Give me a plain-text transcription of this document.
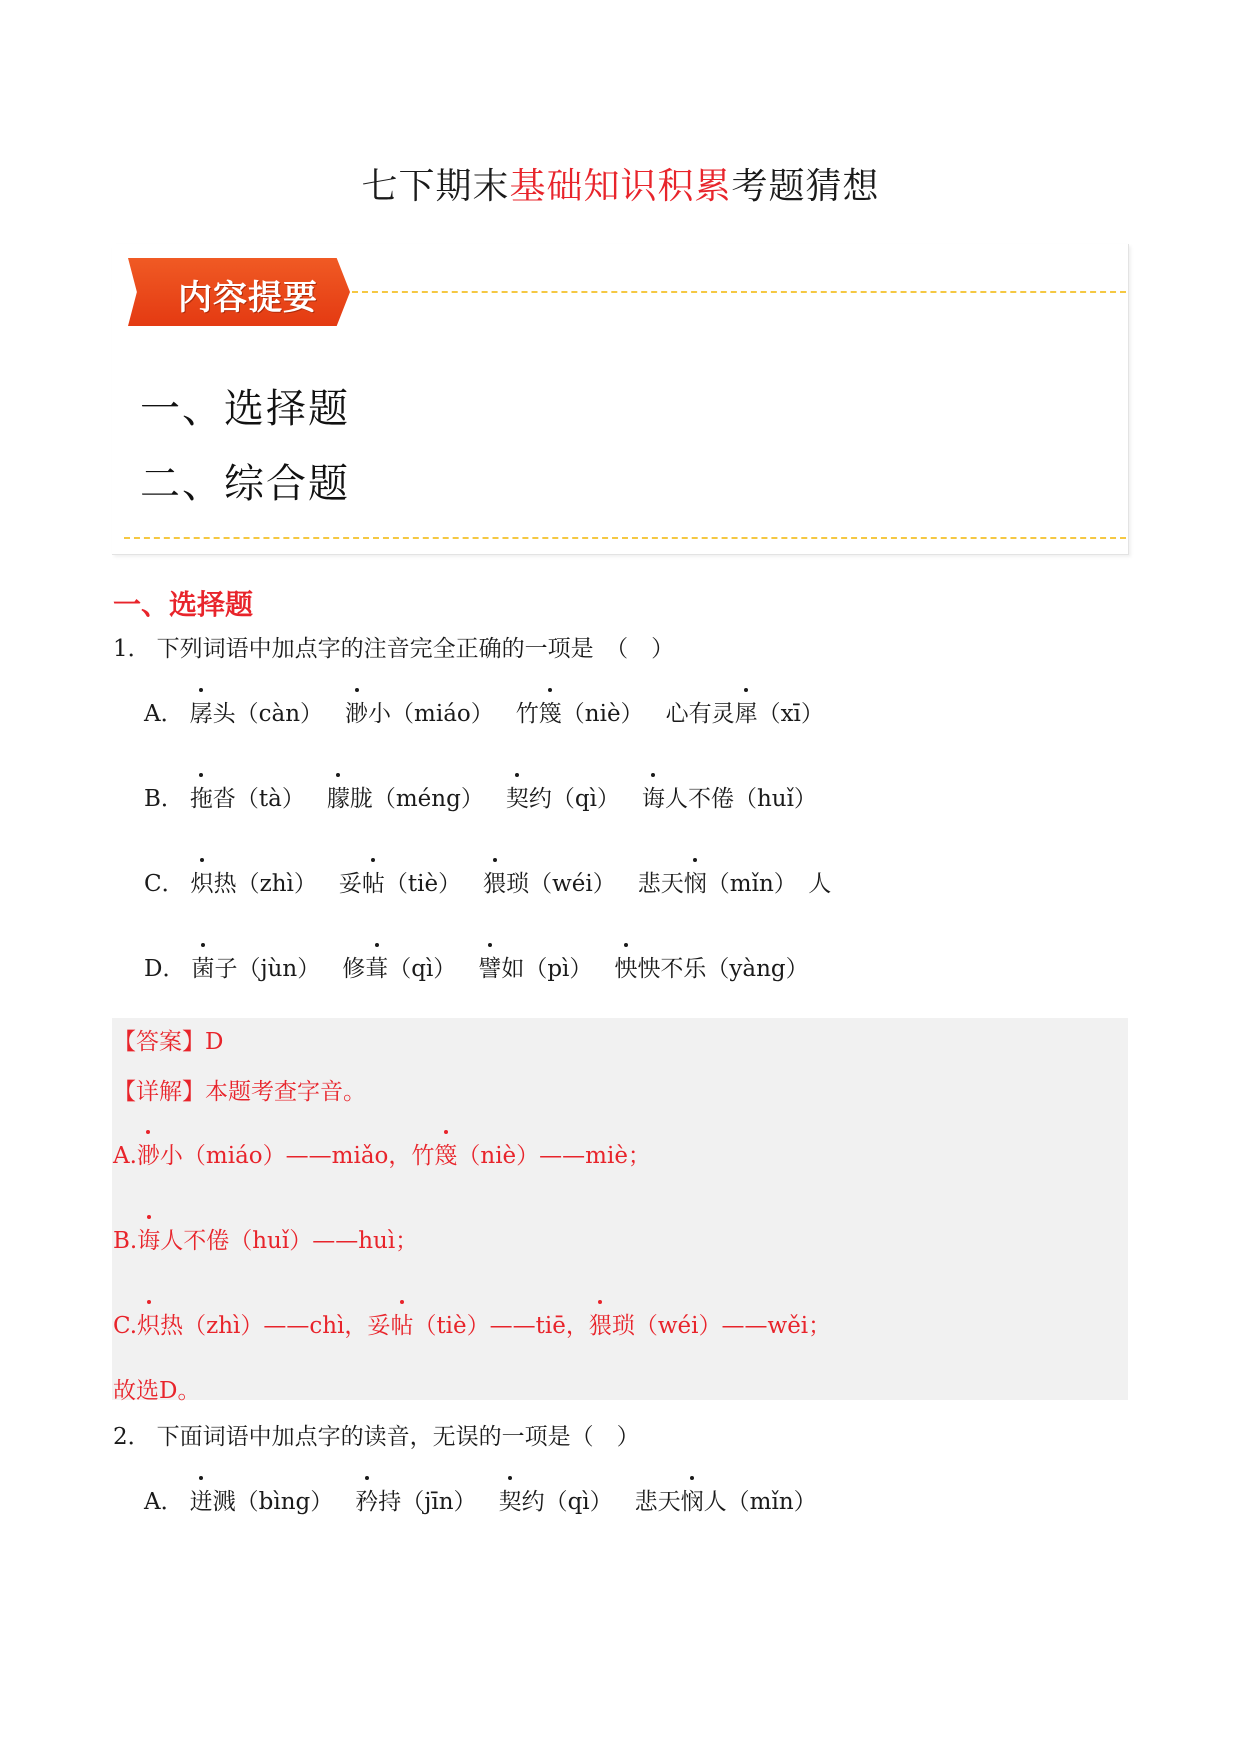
七下期末基础知识积累考题猜想
内容提要
一、选择题
二、综合题
一、选择题
1． 下列词语中加点字的注音完全正确的一项是　（　）
A． 孱头（càn） 渺小（miáo） 竹篾（niè） 心有灵犀（xī）
B． 拖沓（tà） 朦胧（méng） 契约（qì） 诲人不倦（huǐ）
C． 炽热（zhì） 妥帖（tiè） 猥琐（wéi） 悲天悯（mǐn）　人
D． 菌子（jùn） 修葺（qì） 譬如（pì） 怏怏不乐（yàng）
【答案】D
【详解】本题考查字音。
A.渺小（miáo）——miǎo，竹篾（niè）——miè；
B.诲人不倦（huǐ）——huì；
C.炽热（zhì）——chì，妥帖（tiè）——tiē，猥琐（wéi）——wěi；
故选D。
2． 下面词语中加点字的读音，无误的一项是（　）
A． 迸溅（bìng） 矜持（jīn） 契约（qì） 悲天悯人（mǐn）
